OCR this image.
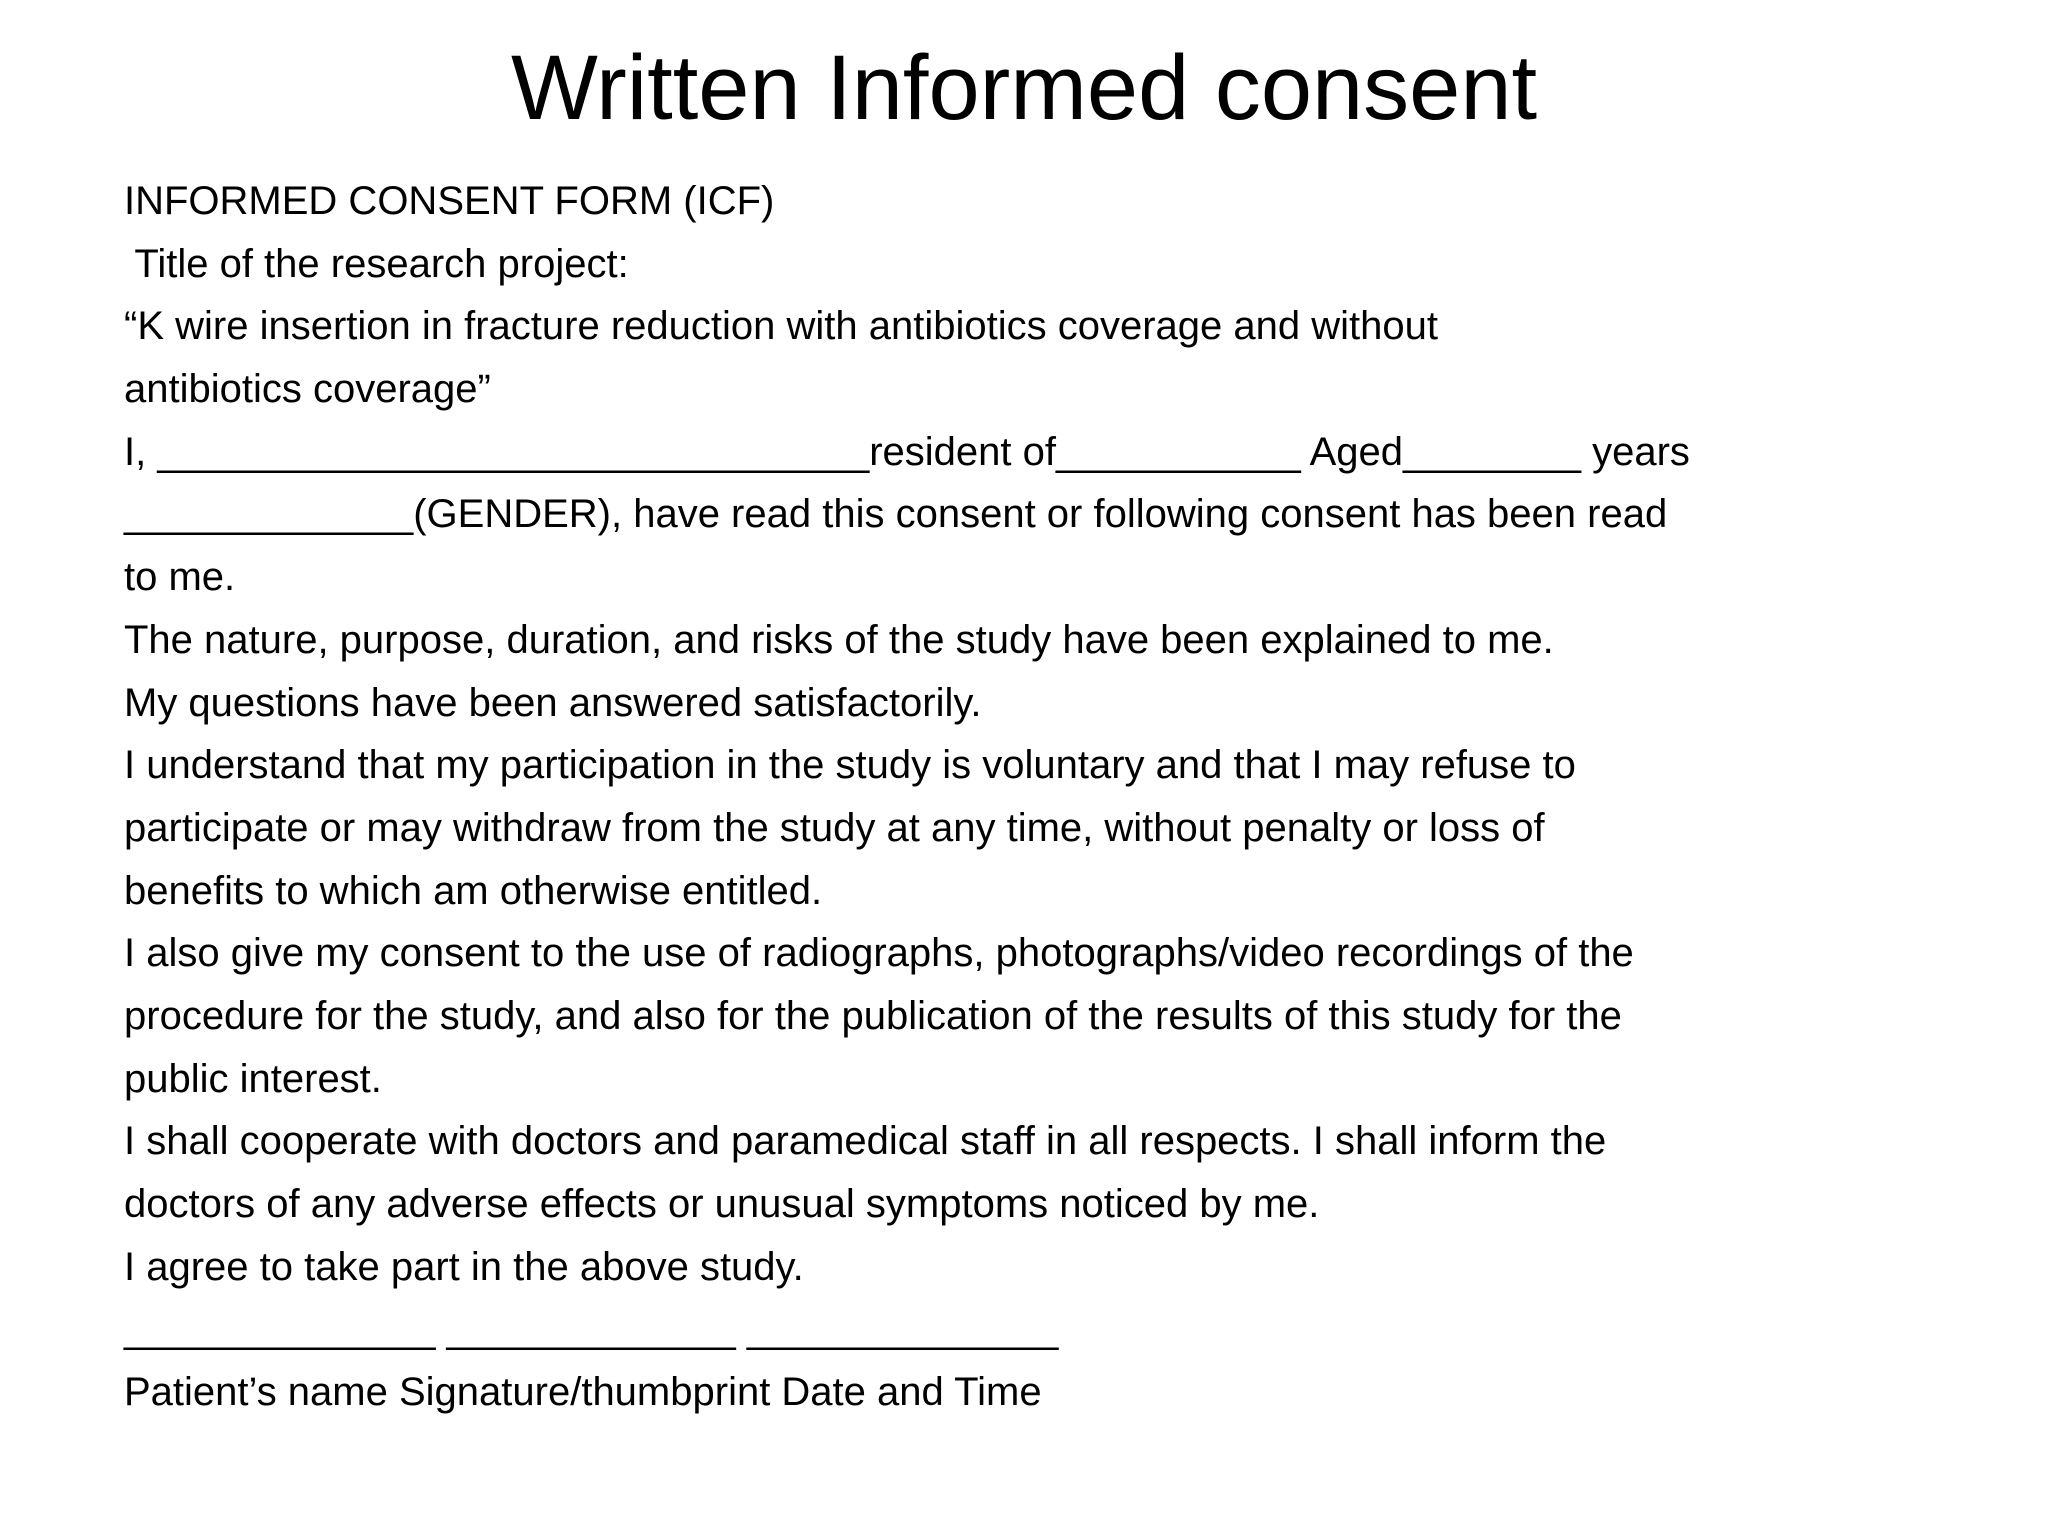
Written Informed consent
INFORMED CONSENT FORM (ICF)
Title of the research project:
“K wire insertion in fracture reduction with antibiotics coverage and without
antibiotics coverage”
I, ________________________________resident of___________ Aged________ years
_____________(GENDER), have read this consent or following consent has been read
to me.
The nature, purpose, duration, and risks of the study have been explained to me.
My questions have been answered satisfactorily.
I understand that my participation in the study is voluntary and that I may refuse to
participate or may withdraw from the study at any time, without penalty or loss of
benefits to which am otherwise entitled.
I also give my consent to the use of radiographs, photographs/video recordings of the
procedure for the study, and also for the publication of the results of this study for the
public interest.
I shall cooperate with doctors and paramedical staff in all respects. I shall inform the
doctors of any adverse effects or unusual symptoms noticed by me.
I agree to take part in the above study.
______________ _____________ ______________
Patient’s name Signature/thumbprint Date and Time
